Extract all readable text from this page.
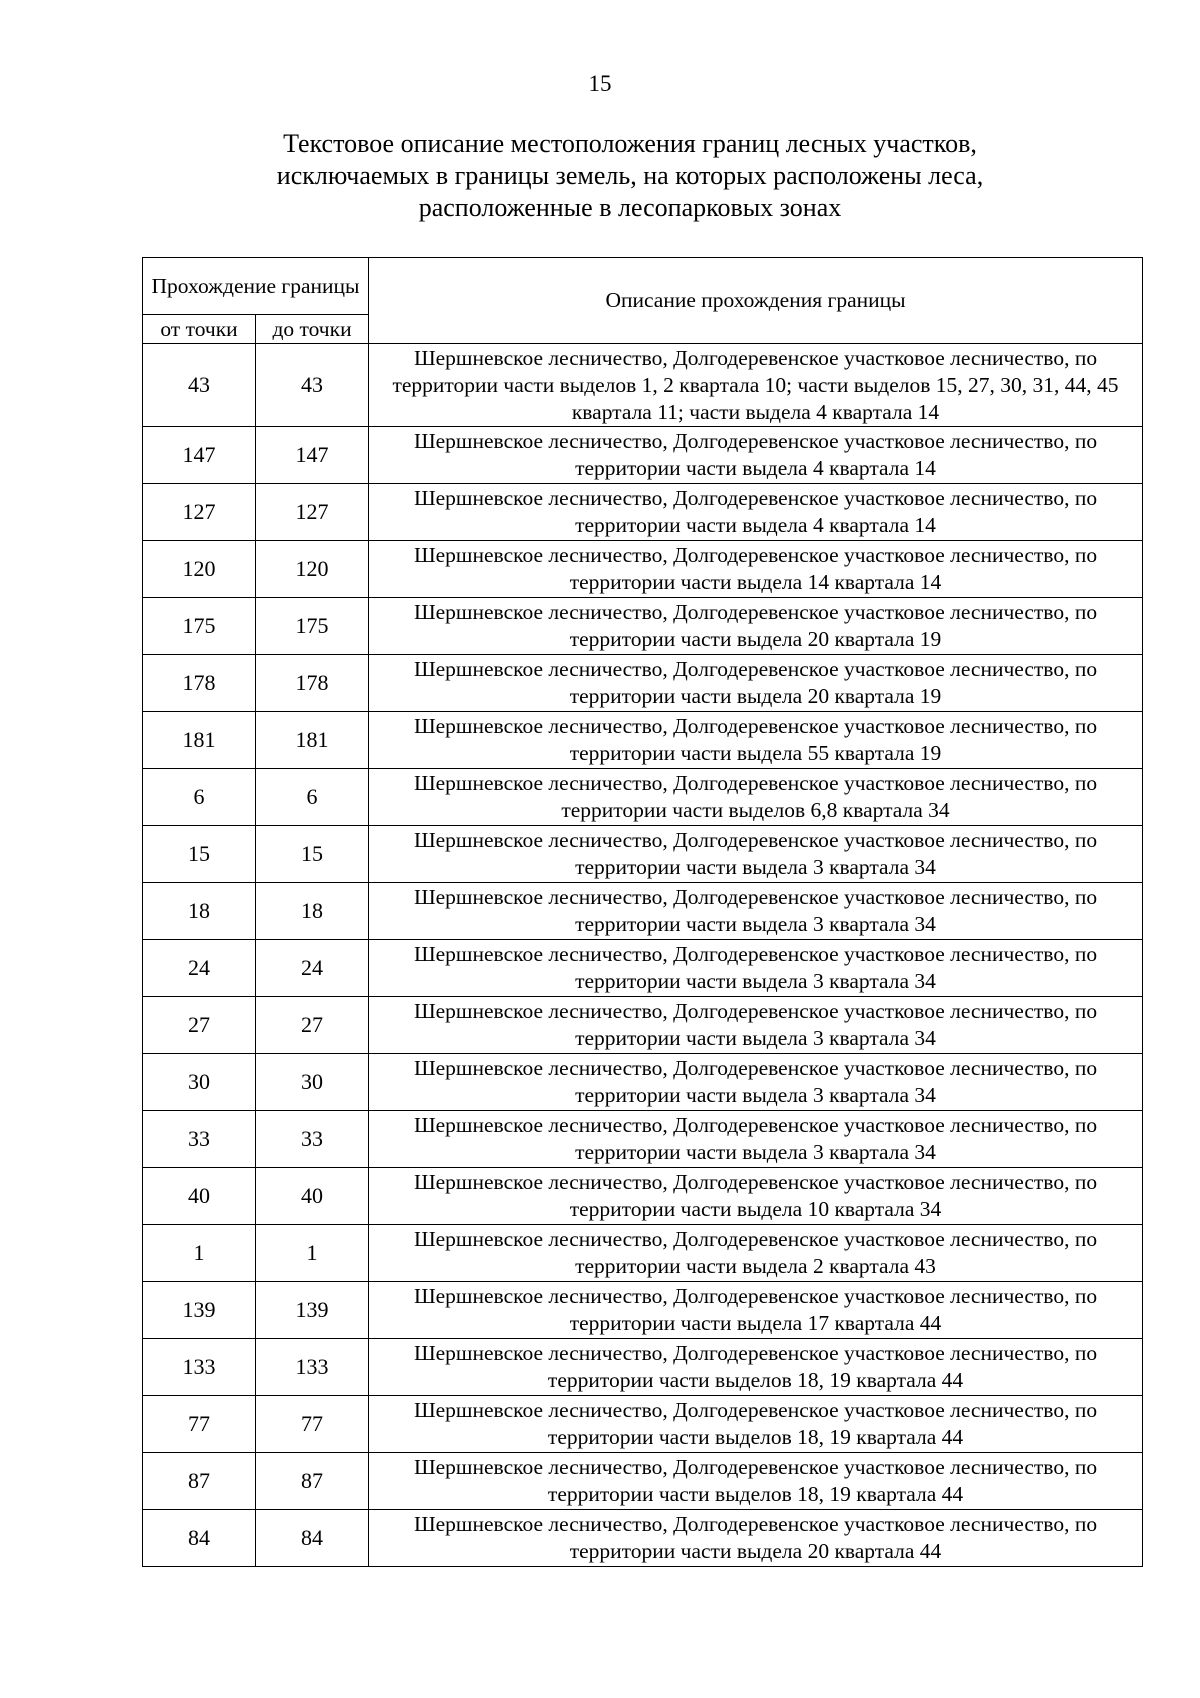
15
Текстовое описание местоположения границ лесных участков,
исключаемых в границы земель, на которых расположены леса,
расположенные в лесопарковых зонах
Прохождение границы		Описание прохождения границы
от точки	до точки	
43	43	Шершневское лесничество, Долгодеревенское участковое лесничество, по территории части выделов 1, 2 квартала 10; части выделов 15, 27, 30, 31, 44, 45 квартала 11; части выдела 4 квартала 14
147	147	Шершневское лесничество, Долгодеревенское участковое лесничество, по территории части выдела 4 квартала 14
127	127	Шершневское лесничество, Долгодеревенское участковое лесничество, по территории части выдела 4 квартала 14
120	120	Шершневское лесничество, Долгодеревенское участковое лесничество, по территории части выдела 14 квартала 14
175	175	Шершневское лесничество, Долгодеревенское участковое лесничество, по территории части выдела 20 квартала 19
178	178	Шершневское лесничество, Долгодеревенское участковое лесничество, по территории части выдела 20 квартала 19
181	181	Шершневское лесничество, Долгодеревенское участковое лесничество, по территории части выдела 55 квартала 19
6	6	Шершневское лесничество, Долгодеревенское участковое лесничество, по территории части выделов 6,8 квартала 34
15	15	Шершневское лесничество, Долгодеревенское участковое лесничество, по территории части выдела 3 квартала 34
18	18	Шершневское лесничество, Долгодеревенское участковое лесничество, по территории части выдела 3 квартала 34
24	24	Шершневское лесничество, Долгодеревенское участковое лесничество, по территории части выдела 3 квартала 34
27	27	Шершневское лесничество, Долгодеревенское участковое лесничество, по территории части выдела 3 квартала 34
30	30	Шершневское лесничество, Долгодеревенское участковое лесничество, по территории части выдела 3 квартала 34
33	33	Шершневское лесничество, Долгодеревенское участковое лесничество, по территории части выдела 3 квартала 34
40	40	Шершневское лесничество, Долгодеревенское участковое лесничество, по территории части выдела 10 квартала 34
1	1	Шершневское лесничество, Долгодеревенское участковое лесничество, по территории части выдела 2 квартала 43
139	139	Шершневское лесничество, Долгодеревенское участковое лесничество, по территории части выдела 17 квартала 44
133	133	Шершневское лесничество, Долгодеревенское участковое лесничество, по территории части выделов 18, 19 квартала 44
77	77	Шершневское лесничество, Долгодеревенское участковое лесничество, по территории части выделов 18, 19 квартала 44
87	87	Шершневское лесничество, Долгодеревенское участковое лесничество, по территории части выделов 18, 19 квартала 44
84	84	Шершневское лесничество, Долгодеревенское участковое лесничество, по территории части выдела 20 квартала 44
